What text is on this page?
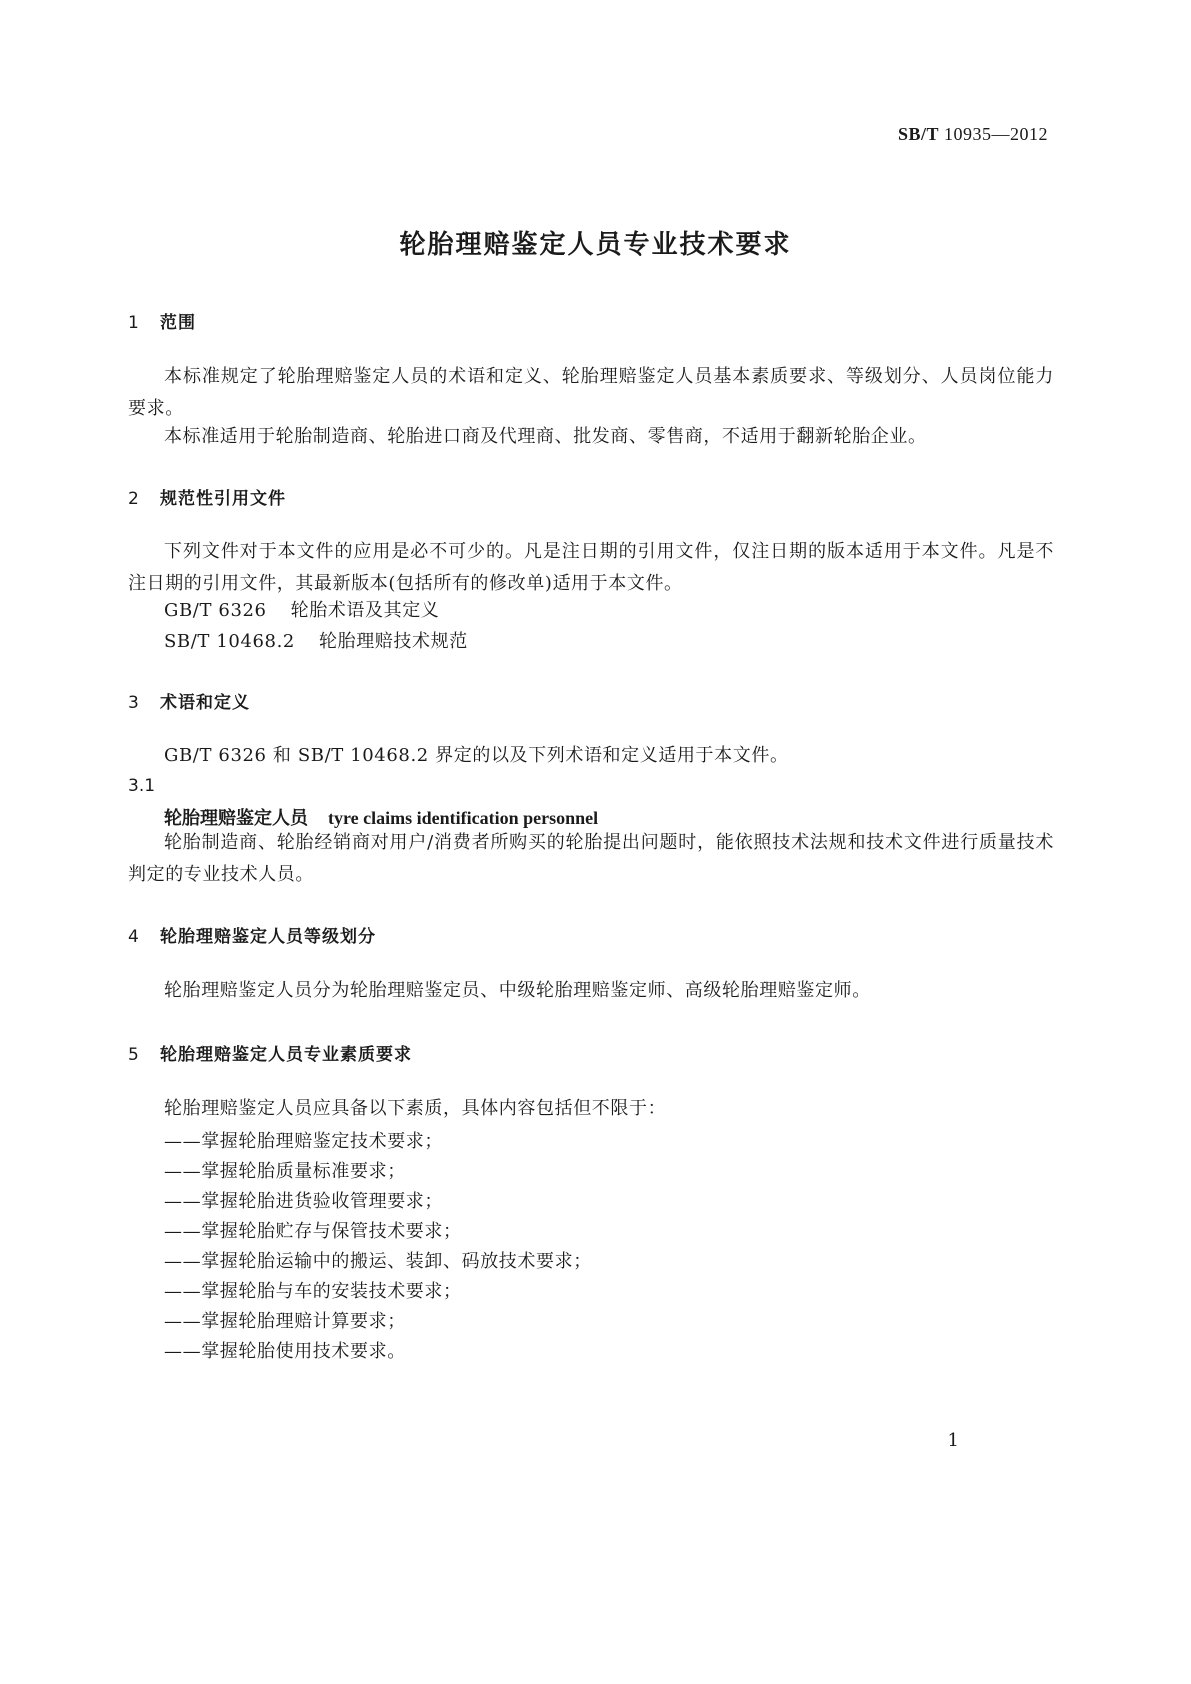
SB/T 10935—2012
轮胎理赔鉴定人员专业技术要求
1 范围
本标准规定了轮胎理赔鉴定人员的术语和定义、轮胎理赔鉴定人员基本素质要求、等级划分、人员岗位能力要求。
本标准适用于轮胎制造商、轮胎进口商及代理商、批发商、零售商，不适用于翻新轮胎企业。
2 规范性引用文件
下列文件对于本文件的应用是必不可少的。凡是注日期的引用文件，仅注日期的版本适用于本文件。凡是不注日期的引用文件，其最新版本(包括所有的修改单)适用于本文件。
GB/T 6326 轮胎术语及其定义
SB/T 10468.2 轮胎理赔技术规范
3 术语和定义
GB/T 6326 和 SB/T 10468.2 界定的以及下列术语和定义适用于本文件。
3.1
轮胎理赔鉴定人员 tyre claims identification personnel
轮胎制造商、轮胎经销商对用户/消费者所购买的轮胎提出问题时，能依照技术法规和技术文件进行质量技术判定的专业技术人员。
4 轮胎理赔鉴定人员等级划分
轮胎理赔鉴定人员分为轮胎理赔鉴定员、中级轮胎理赔鉴定师、高级轮胎理赔鉴定师。
5 轮胎理赔鉴定人员专业素质要求
轮胎理赔鉴定人员应具备以下素质，具体内容包括但不限于：
——掌握轮胎理赔鉴定技术要求；
——掌握轮胎质量标准要求；
——掌握轮胎进货验收管理要求；
——掌握轮胎贮存与保管技术要求；
——掌握轮胎运输中的搬运、装卸、码放技术要求；
——掌握轮胎与车的安装技术要求；
——掌握轮胎理赔计算要求；
——掌握轮胎使用技术要求。
1
